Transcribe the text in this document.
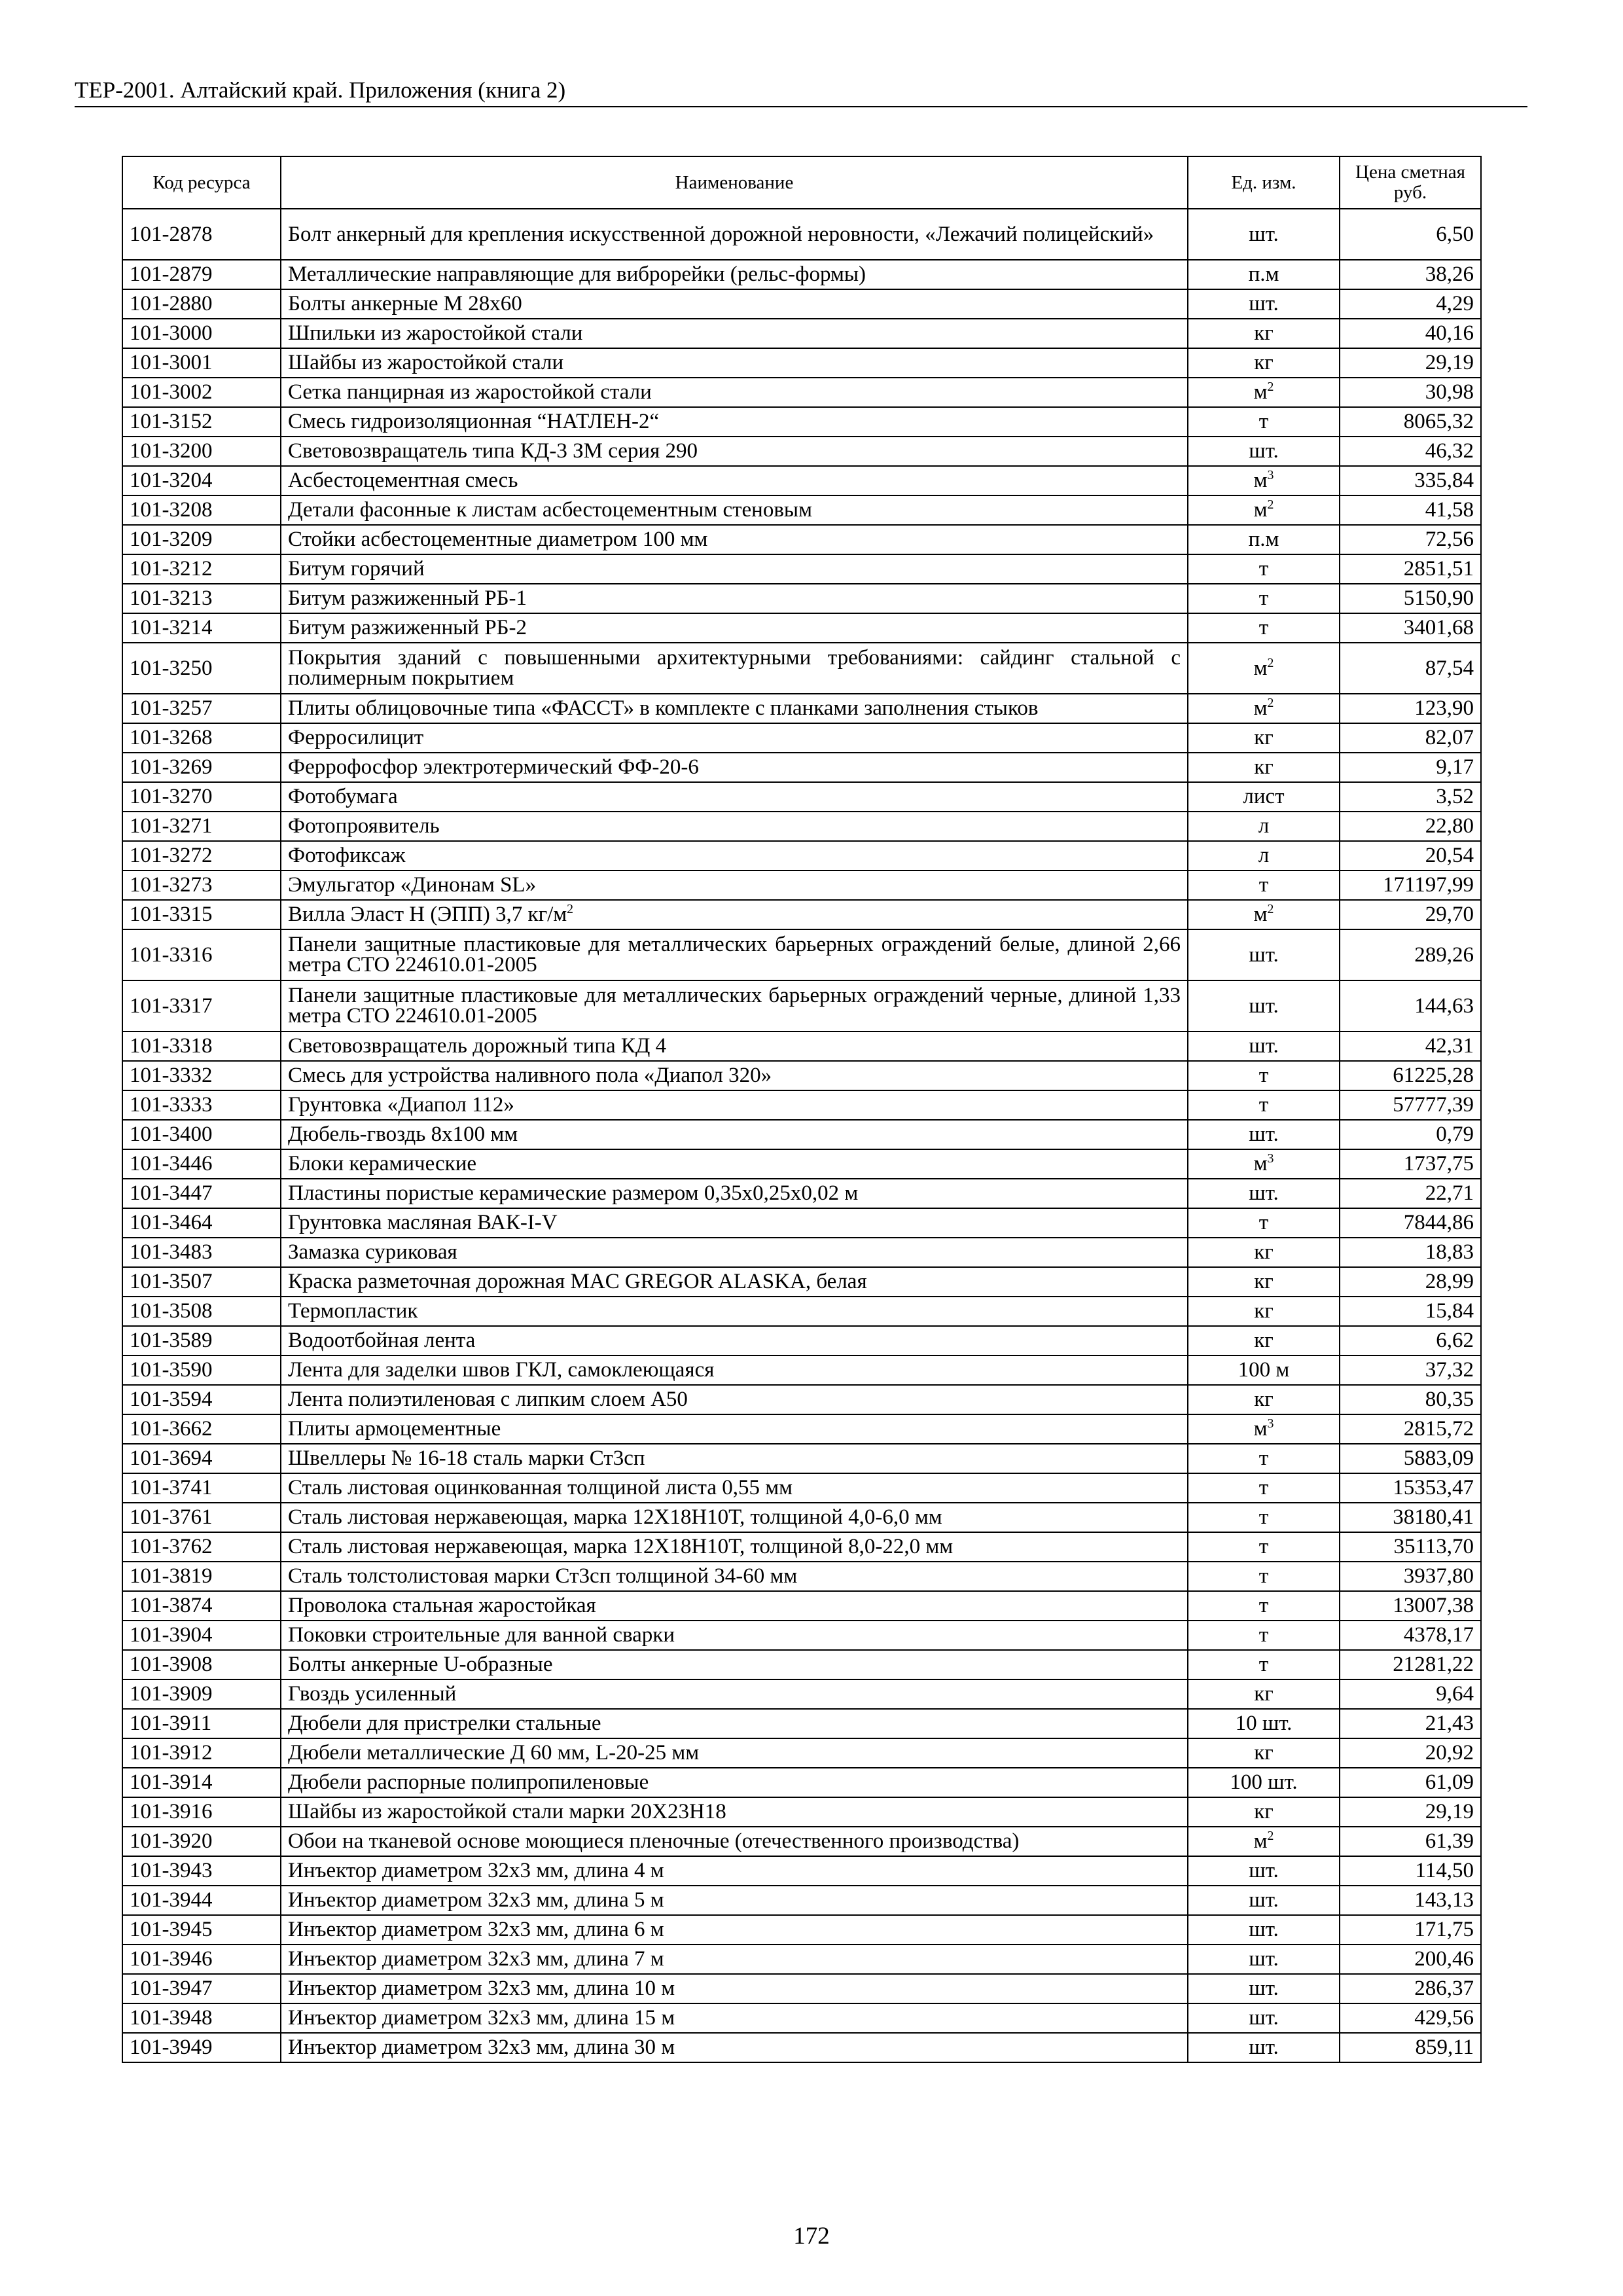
ТЕР-2001. Алтайский край. Приложения (книга 2)
Код ресурса	Наименование	Ед. изм.	Цена сметная руб.
101-2878	Болт анкерный для крепления искусственной дорожной неровности, «Лежачий полицейский»	шт.	6,50
101-2879	Металлические направляющие для виброрейки (рельс-формы)	п.м	38,26
101-2880	Болты анкерные М 28х60	шт.	4,29
101-3000	Шпильки из жаростойкой стали	кг	40,16
101-3001	Шайбы из жаростойкой стали	кг	29,19
101-3002	Сетка панцирная из жаростойкой стали	$м^2$	30,98
101-3152	Смесь гидроизоляционная “НАТЛЕН-2“	т	8065,32
101-3200	Световозвращатель типа КД-3 ЗМ серия 290	шт.	46,32
101-3204	Асбестоцементная смесь	$м^3$	335,84
101-3208	Детали фасонные к листам асбестоцементным стеновым	$м^2$	41,58
101-3209	Стойки асбестоцементные диаметром 100 мм	п.м	72,56
101-3212	Битум горячий	т	2851,51
101-3213	Битум разжиженный РБ-1	т	5150,90
101-3214	Битум разжиженный РБ-2	т	3401,68
101-3250	Покрытия зданий с повышенными архитектурными требованиями: сайдинг стальной с полимерным покрытием	$м^2$	87,54
101-3257	Плиты облицовочные типа «ФАССТ» в комплекте с планками заполнения стыков	$м^2$	123,90
101-3268	Ферросилицит	кг	82,07
101-3269	Феррофосфор электротермический ФФ-20-6	кг	9,17
101-3270	Фотобумага	лист	3,52
101-3271	Фотопроявитель	л	22,80
101-3272	Фотофиксаж	л	20,54
101-3273	Эмульгатор «Динонам SL»	т	171197,99
101-3315	Вилла Эласт Н (ЭПП) 3,7 $кг/м^2$	$м^2$	29,70
101-3316	Панели защитные пластиковые для металлических барьерных ограждений белые, длиной 2,66 метра СТО 224610.01-2005	шт.	289,26
101-3317	Панели защитные пластиковые для металлических барьерных ограждений черные, длиной 1,33 метра СТО 224610.01-2005	шт.	144,63
101-3318	Световозвращатель дорожный типа КД 4	шт.	42,31
101-3332	Смесь для устройства наливного пола «Диапол 320»	т	61225,28
101-3333	Грунтовка «Диапол 112»	т	57777,39
101-3400	Дюбель-гвоздь 8х100 мм	шт.	0,79
101-3446	Блоки керамические	$м^3$	1737,75
101-3447	Пластины пористые керамические размером 0,35х0,25х0,02 м	шт.	22,71
101-3464	Грунтовка масляная ВАК-I-V	т	7844,86
101-3483	Замазка суриковая	кг	18,83
101-3507	Краска разметочная дорожная MAC GREGOR ALASKA, белая	кг	28,99
101-3508	Термопластик	кг	15,84
101-3589	Водоотбойная лента	кг	6,62
101-3590	Лента для заделки швов ГКЛ, самоклеющаяся	100 м	37,32
101-3594	Лента полиэтиленовая с липким слоем А50	кг	80,35
101-3662	Плиты армоцементные	$м^3$	2815,72
101-3694	Швеллеры № 16-18 сталь марки Ст3сп	т	5883,09
101-3741	Сталь листовая оцинкованная толщиной листа 0,55 мм	т	15353,47
101-3761	Сталь листовая нержавеющая, марка 12Х18Н10Т, толщиной 4,0-6,0 мм	т	38180,41
101-3762	Сталь листовая нержавеющая, марка 12Х18Н10Т, толщиной 8,0-22,0 мм	т	35113,70
101-3819	Сталь толстолистовая марки Ст3сп толщиной 34-60 мм	т	3937,80
101-3874	Проволока стальная жаростойкая	т	13007,38
101-3904	Поковки строительные для ванной сварки	т	4378,17
101-3908	Болты анкерные U-образные	т	21281,22
101-3909	Гвоздь усиленный	кг	9,64
101-3911	Дюбели для пристрелки стальные	10 шт.	21,43
101-3912	Дюбели металлические Д 60 мм, L-20-25 мм	кг	20,92
101-3914	Дюбели распорные полипропиленовые	100 шт.	61,09
101-3916	Шайбы из жаростойкой стали марки 20Х23Н18	кг	29,19
101-3920	Обои на тканевой основе моющиеся пленочные (отечественного производства)	$м^2$	61,39
101-3943	Инъектор диаметром 32х3 мм, длина 4 м	шт.	114,50
101-3944	Инъектор диаметром 32х3 мм, длина 5 м	шт.	143,13
101-3945	Инъектор диаметром 32х3 мм, длина 6 м	шт.	171,75
101-3946	Инъектор диаметром 32х3 мм, длина 7 м	шт.	200,46
101-3947	Инъектор диаметром 32х3 мм, длина 10 м	шт.	286,37
101-3948	Инъектор диаметром 32х3 мм, длина 15 м	шт.	429,56
101-3949	Инъектор диаметром 32х3 мм, длина 30 м	шт.	859,11
172
